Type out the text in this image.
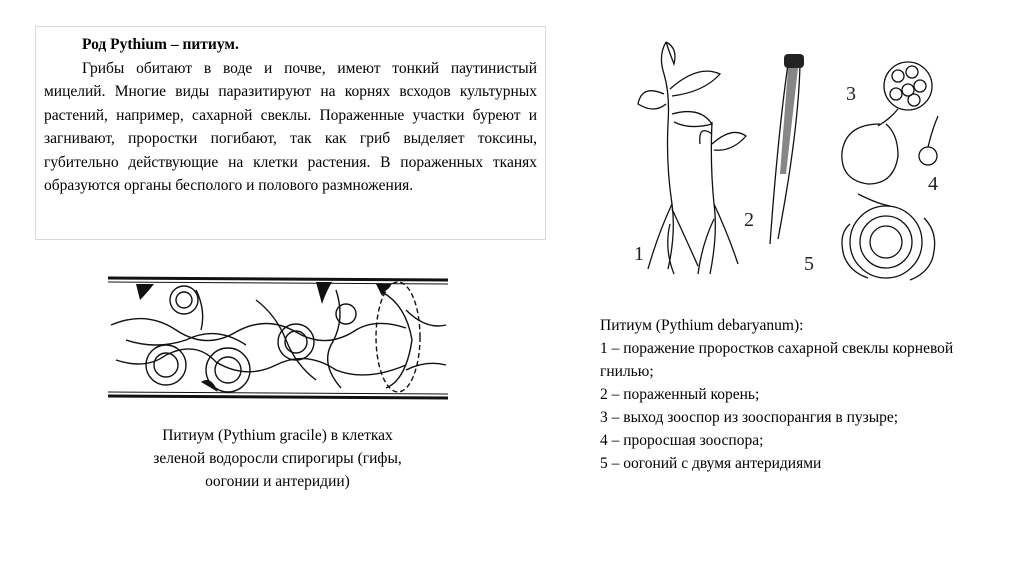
Род Pythium – питиум.

Грибы обитают в воде и почве, имеют тонкий паутинистый мицелий. Многие виды паразитируют на корнях всходов культурных растений, например, сахарной свеклы. Пораженные участки буреют и загнивают, проростки погибают, так как гриб выделяет токсины, губительно действующие на клетки растения. В пораженных тканях образуются органы бесполого и полового размножения.

Питиум (Pythium gracile) в клетках зеленой водоросли спирогиры (гифы, оогонии и антеридии)
1
2
3
4
5
Питиум (Pythium debaryanum):
1 – поражение проростков сахарной свеклы корневой гнилью;
2 – пораженный корень;
3 – выход зооспор из зооспорангия в пузыре;
4 – проросшая зооспора;
5 – оогоний с двумя антеридиями
